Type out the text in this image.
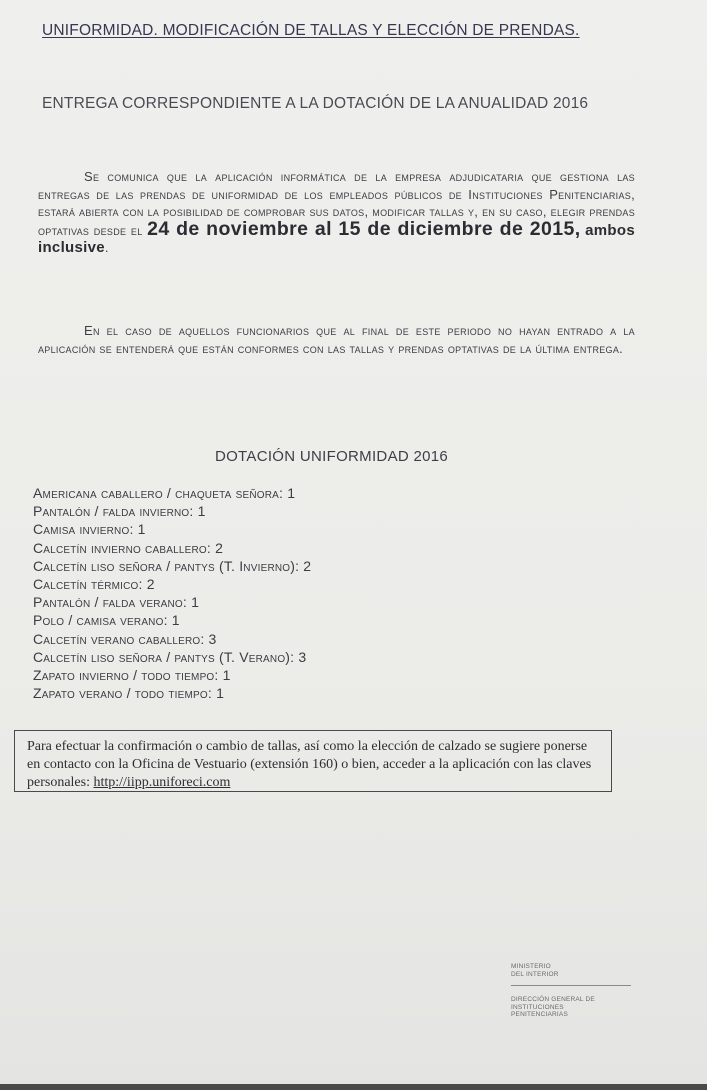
UNIFORMIDAD. MODIFICACIÓN DE TALLAS Y ELECCIÓN DE PRENDAS.
ENTREGA CORRESPONDIENTE A LA DOTACIÓN DE LA ANUALIDAD 2016

Se comunica que la aplicación informática de la empresa adjudicataria que gestiona las entregas de las prendas de uniformidad de los empleados públicos de Instituciones Penitenciarias, estará abierta con la posibilidad de comprobar sus datos, modificar tallas y, en su caso, elegir prendas optativas desde el 24 de noviembre al 15 de diciembre de 2015, ambos inclusive.

En el caso de aquellos funcionarios que al final de este periodo no hayan entrado a la aplicación se entenderá que están conformes con las tallas y prendas optativas de la última entrega.

DOTACIÓN UNIFORMIDAD 2016
Americana caballero / chaqueta señora: 1
Pantalón / falda invierno: 1
Camisa invierno: 1
Calcetín invierno caballero: 2
Calcetín liso señora / pantys (T. Invierno): 2
Calcetín térmico: 2
Pantalón / falda verano: 1
Polo / camisa verano: 1
Calcetín verano caballero: 3
Calcetín liso señora / pantys (T. Verano): 3
Zapato invierno / todo tiempo: 1
Zapato verano / todo tiempo: 1
Para efectuar la confirmación o cambio de tallas, así como la elección de calzado se sugiere ponerse en contacto con la Oficina de Vestuario (extensión 160) o bien, acceder a la aplicación con las claves personales: http://iipp.uniforeci.com
MINISTERIO
DEL INTERIOR
DIRECCIÓN GENERAL DE
INSTITUCIONES
PENITENCIARIAS
